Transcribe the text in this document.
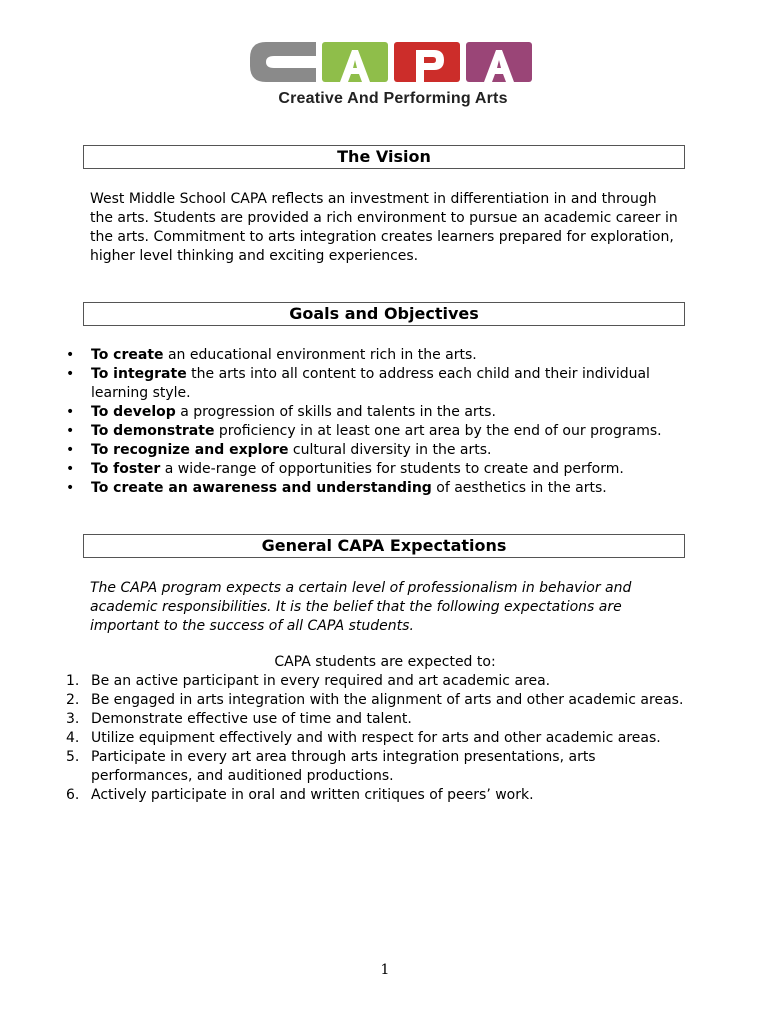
Creative And Performing Arts
The Vision

West Middle School CAPA reflects an investment in differentiation in and through the arts. Students are provided a rich environment to pursue an academic career in the arts. Commitment to arts integration creates learners prepared for exploration, higher level thinking and exciting experiences.

Goals and Objectives
• To create an educational environment rich in the arts.
• To integrate the arts into all content to address each child and their individual learning style.
• To develop a progression of skills and talents in the arts.
• To demonstrate proficiency in at least one art area by the end of our programs.
• To recognize and explore cultural diversity in the arts.
• To foster a wide-range of opportunities for students to create and perform.
• To create an awareness and understanding of aesthetics in the arts.
General CAPA Expectations

The CAPA program expects a certain level of professionalism in behavior and academic responsibilities. It is the belief that the following expectations are important to the success of all CAPA students.

CAPA students are expected to:
1. Be an active participant in every required and art academic area.
2. Be engaged in arts integration with the alignment of arts and other academic areas.
3. Demonstrate effective use of time and talent.
4. Utilize equipment effectively and with respect for arts and other academic areas.
5. Participate in every art area through arts integration presentations, arts performances, and auditioned productions.
6. Actively participate in oral and written critiques of peers’ work.
1
